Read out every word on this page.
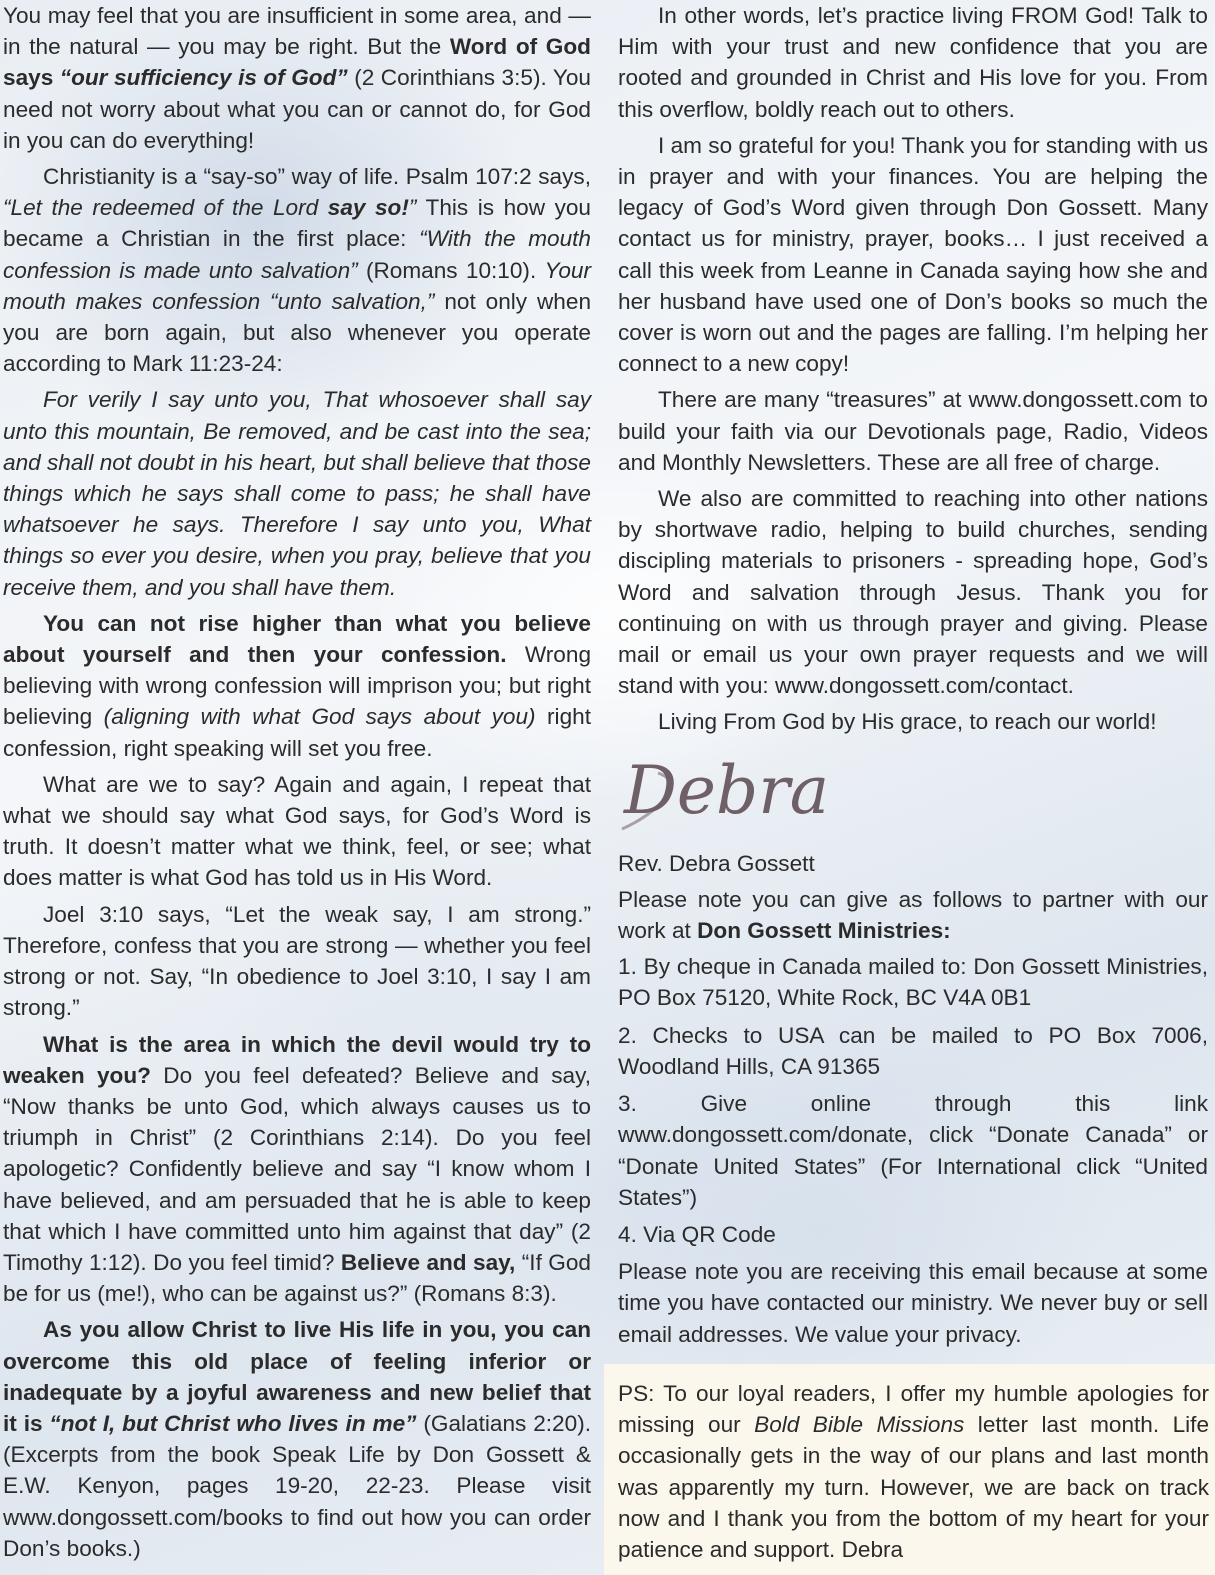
You may feel that you are insufficient in some area, and — in the natural — you may be right. But the Word of God says “our sufficiency is of God” (2 Corinthians 3:5). You need not worry about what you can or cannot do, for God in you can do everything!

Christianity is a “say-so” way of life. Psalm 107:2 says, “Let the redeemed of the Lord say so!” This is how you became a Christian in the first place: “With the mouth confession is made unto salvation” (Romans 10:10). Your mouth makes confession “unto salvation,” not only when you are born again, but also whenever you operate according to Mark 11:23-24:

For verily I say unto you, That whosoever shall say unto this mountain, Be removed, and be cast into the sea; and shall not doubt in his heart, but shall believe that those things which he says shall come to pass; he shall have whatsoever he says. Therefore I say unto you, What things so ever you desire, when you pray, believe that you receive them, and you shall have them.

You can not rise higher than what you believe about yourself and then your confession. Wrong believing with wrong confession will imprison you; but right believing (aligning with what God says about you) right confession, right speaking will set you free.

What are we to say? Again and again, I repeat that what we should say what God says, for God’s Word is truth. It doesn’t matter what we think, feel, or see; what does matter is what God has told us in His Word.

Joel 3:10 says, “Let the weak say, I am strong.” Therefore, confess that you are strong — whether you feel strong or not. Say, “In obedience to Joel 3:10, I say I am strong.”

What is the area in which the devil would try to weaken you? Do you feel defeated? Believe and say, “Now thanks be unto God, which always causes us to triumph in Christ” (2 Corinthians 2:14). Do you feel apologetic? Confidently believe and say “I know whom I have believed, and am persuaded that he is able to keep that which I have committed unto him against that day” (2 Timothy 1:12). Do you feel timid? Believe and say, “If God be for us (me!), who can be against us?” (Romans 8:3).

As you allow Christ to live His life in you, you can overcome this old place of feeling inferior or inadequate by a joyful awareness and new belief that it is “not I, but Christ who lives in me” (Galatians 2:20). (Excerpts from the book Speak Life by Don Gossett & E.W. Kenyon, pages 19-20, 22-23. Please visit www.dongossett.com/books to find out how you can order Don’s books.)

In other words, let’s practice living FROM God! Talk to Him with your trust and new confidence that you are rooted and grounded in Christ and His love for you. From this overflow, boldly reach out to others.

I am so grateful for you! Thank you for standing with us in prayer and with your finances. You are helping the legacy of God’s Word given through Don Gossett. Many contact us for ministry, prayer, books… I just received a call this week from Leanne in Canada saying how she and her husband have used one of Don’s books so much the cover is worn out and the pages are falling. I’m helping her connect to a new copy!

There are many “treasures” at www.dongossett.com to build your faith via our Devotionals page, Radio, Videos and Monthly Newsletters. These are all free of charge.

We also are committed to reaching into other nations by shortwave radio, helping to build churches, sending discipling materials to prisoners - spreading hope, God’s Word and salvation through Jesus. Thank you for continuing on with us through prayer and giving. Please mail or email us your own prayer requests and we will stand with you: www.dongossett.com/contact.

Living From God by His grace, to reach our world!

Debra

Rev. Debra Gossett

Please note you can give as follows to partner with our work at Don Gossett Ministries:

1. By cheque in Canada mailed to: Don Gossett Ministries, PO Box 75120, White Rock, BC V4A 0B1

2. Checks to USA can be mailed to PO Box 7006, Woodland Hills, CA 91365

3. Give online through this link www.dongossett.com/donate, click “Donate Canada” or “Donate United States” (For International click “United States”)

4. Via QR Code

Please note you are receiving this email because at some time you have contacted our ministry. We never buy or sell email addresses. We value your privacy.

PS: To our loyal readers, I offer my humble apologies for missing our Bold Bible Missions letter last month. Life occasionally gets in the way of our plans and last month was apparently my turn. However, we are back on track now and I thank you from the bottom of my heart for your patience and support. Debra
